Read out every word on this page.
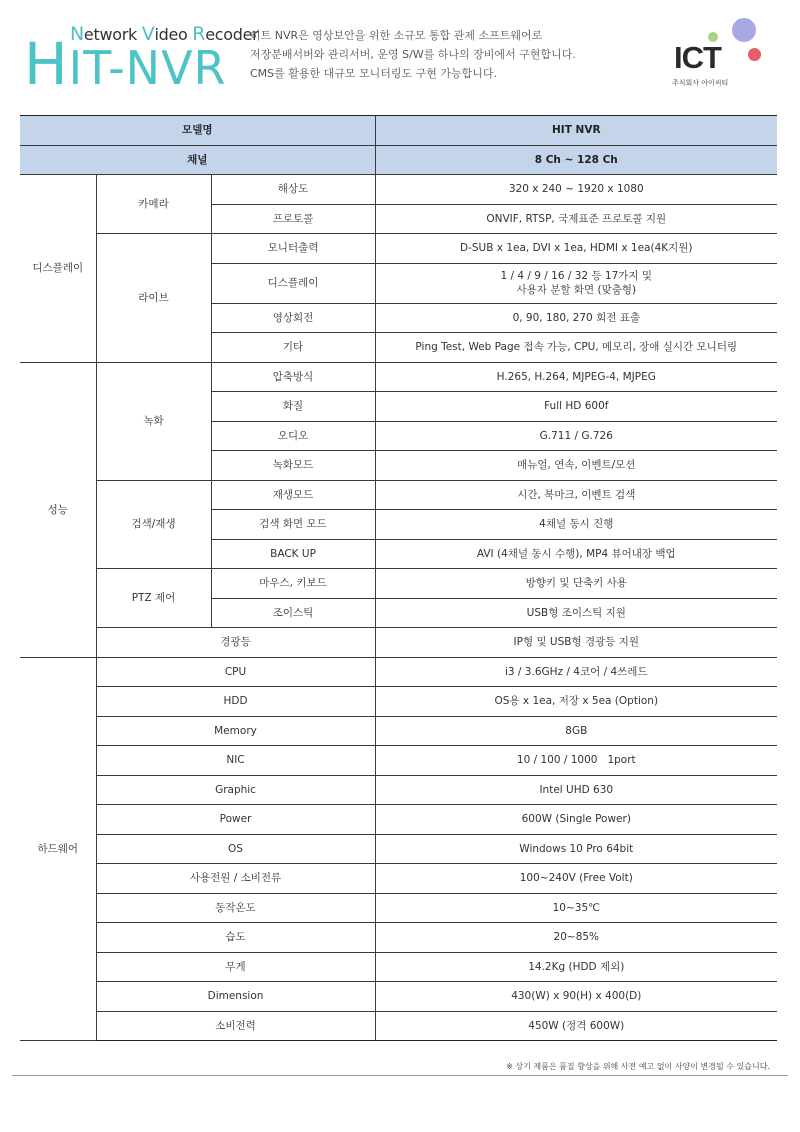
Network Video Recoder
HIT-NVR
히트 NVR은 영상보안을 위한 소규모 통합 관제 소프트웨어로
저장분배서버와 관리서버, 운영 S/W를 하나의 장비에서 구현합니다.
CMS를 활용한 대규모 모니터링도 구현 가능합니다.	ICT
주식회사 아이씨티
모델명			HIT NVR
채널			8 Ch ~ 128 Ch
디스플레이	카메라	해상도	320 x 240 ~ 1920 x 1080
		프로토콜	ONVIF, RTSP, 국제표준 프로토콜 지원
	라이브	모니터출력	D-SUB x 1ea, DVI x 1ea, HDMI x 1ea(4K지원)
		디스플레이	1 / 4 / 9 / 16 / 32 등 17가지 및
사용자 분할 화면 (맞춤형)
		영상회전	0, 90, 180, 270 회전 표출
		기타	Ping Test, Web Page 접속 가능, CPU, 메모리, 장애 실시간 모니터링
성능	녹화	압축방식	H.265, H.264, MJPEG-4, MJPEG
		화질	Full HD 600f
		오디오	G.711 / G.726
		녹화모드	매뉴얼, 연속, 이벤트/모션
	검색/재생	재생모드	시간, 북마크, 이벤트 검색
		검색 화면 모드	4채널 동시 진행
		BACK UP	AVI (4채널 동시 수행), MP4 뷰어내장 백업
	PTZ 제어	마우스, 키보드	방향키 및 단축키 사용
		조이스틱	USB형 조이스틱 지원
	경광등		IP형 및 USB형 경광등 지원
하드웨어	CPU		i3 / 3.6GHz / 4코어 / 4쓰레드
	HDD		OS용 x 1ea, 저장 x 5ea (Option)
	Memory		8GB
	NIC		10 / 100 / 1000   1port
	Graphic		Intel UHD 630
	Power		600W (Single Power)
	OS		Windows 10 Pro 64bit
	사용전원 / 소비전류		100~240V (Free Volt)
	동작온도		10~35℃
	습도		20~85%
	무게		14.2Kg (HDD 제외)
	Dimension		430(W) x 90(H) x 400(D)
	소비전력		450W (정격 600W)
※ 상기 제품은 품질 향상을 위해 사전 예고 없이 사양이 변경될 수 있습니다.
